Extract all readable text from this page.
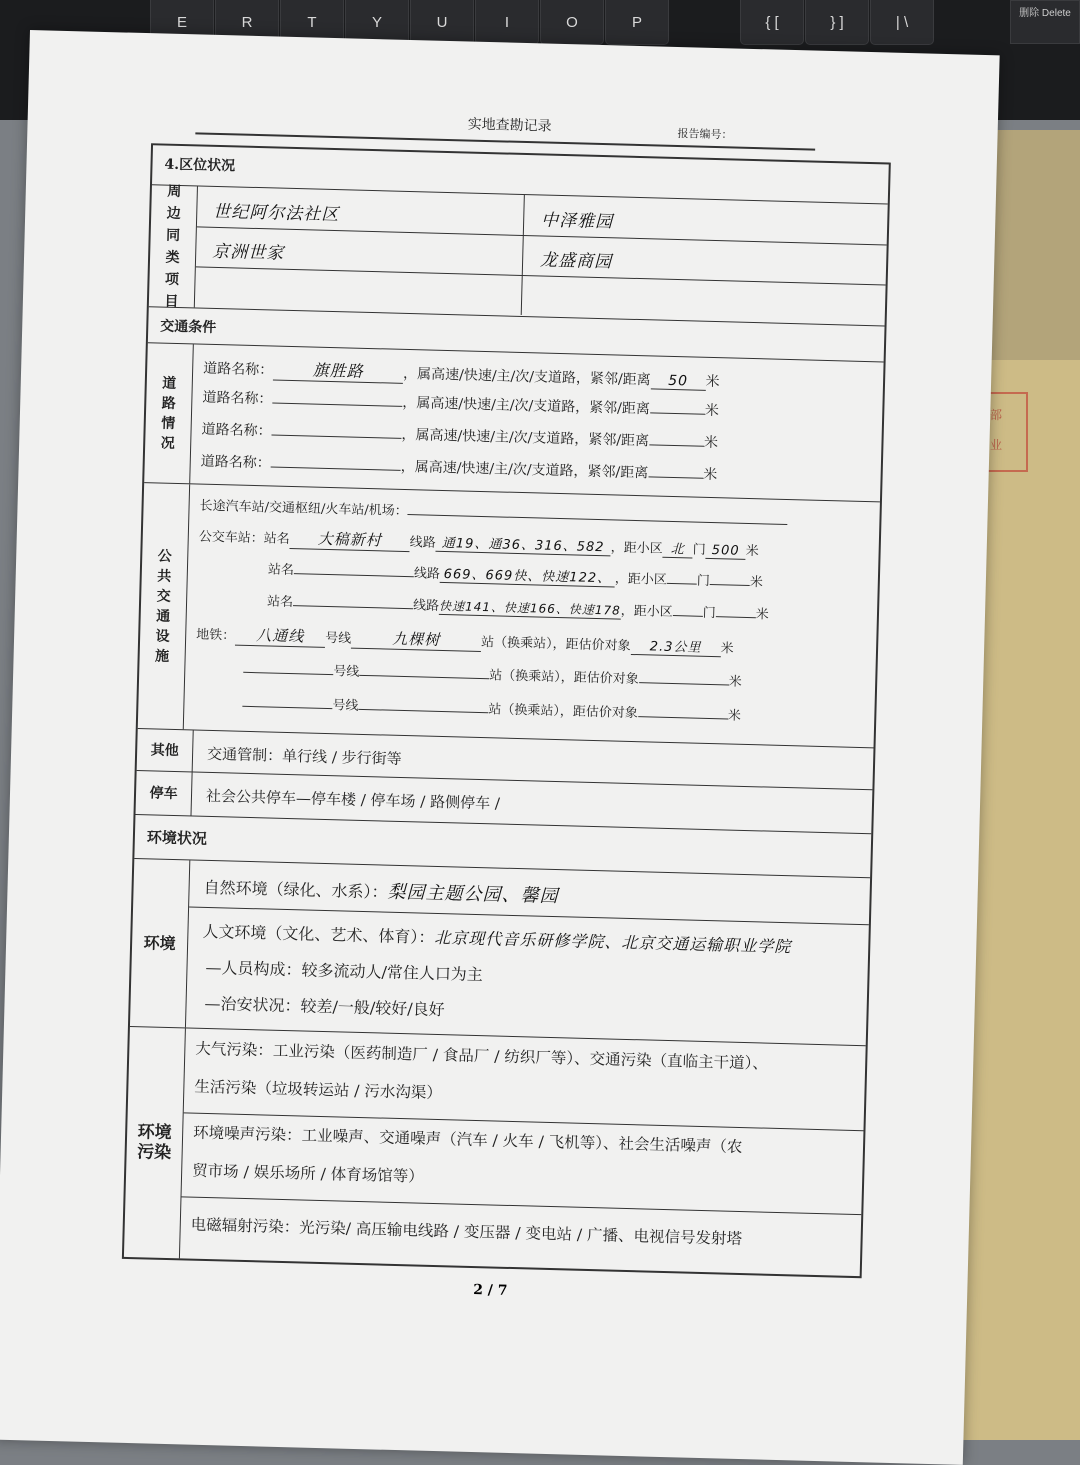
E	R	T	Y	U	I	O	P	{ [	} ]	| \	删除 Delete
部
业
实地查勘记录	报告编号：
4.区位状况
周边同类项目
世纪阿尔法社区	中泽雅园
京洲世家	龙盛商园
交通条件
道路情况
道路名称： 旗胜路	，属高速/快速/主/次/支道路，紧邻/距离 50 米
道路名称：	，属高速/快速/主/次/支道路，紧邻/距离	米
道路名称：	，属高速/快速/主/次/支道路，紧邻/距离	米
道路名称：	，属高速/快速/主/次/支道路，紧邻/距离	米
公共交通设施
长途汽车站/交通枢纽/火车站/机场：
公交车站：站名 大稿新村 线路 通19、通36、316、582 ，距小区 北 门 500 米
站名	线路 669、669快、快速122、 ，距小区 门	米
站名	线路快速141、快速166、快速178，距小区 门	米
地铁： 八通线 号线	九棵树	站（换乘站），距估价对象 2.3公里 米
号线	站（换乘站），距估价对象	米
号线	站（换乘站），距估价对象	米
其他	交通管制：单行线 / 步行街等
停车	社会公共停车—停车楼 / 停车场 / 路侧停车 /
环境状况
环境
自然环境（绿化、水系）：梨园主题公园、馨园
人文环境（文化、艺术、体育）：北京现代音乐研修学院、北京交通运输职业学院
—人员构成：较多流动人/常住人口为主
—治安状况：较差/一般/较好/良好
环境污染
大气污染：工业污染（医药制造厂 / 食品厂 / 纺织厂等）、交通污染（直临主干道）、
生活污染（垃圾转运站 / 污水沟渠）
环境噪声污染：工业噪声、交通噪声（汽车 / 火车 / 飞机等）、社会生活噪声（农
贸市场 / 娱乐场所 / 体育场馆等）
电磁辐射污染：光污染/ 高压输电线路 / 变压器 / 变电站 / 广播、电视信号发射塔
2 / 7
